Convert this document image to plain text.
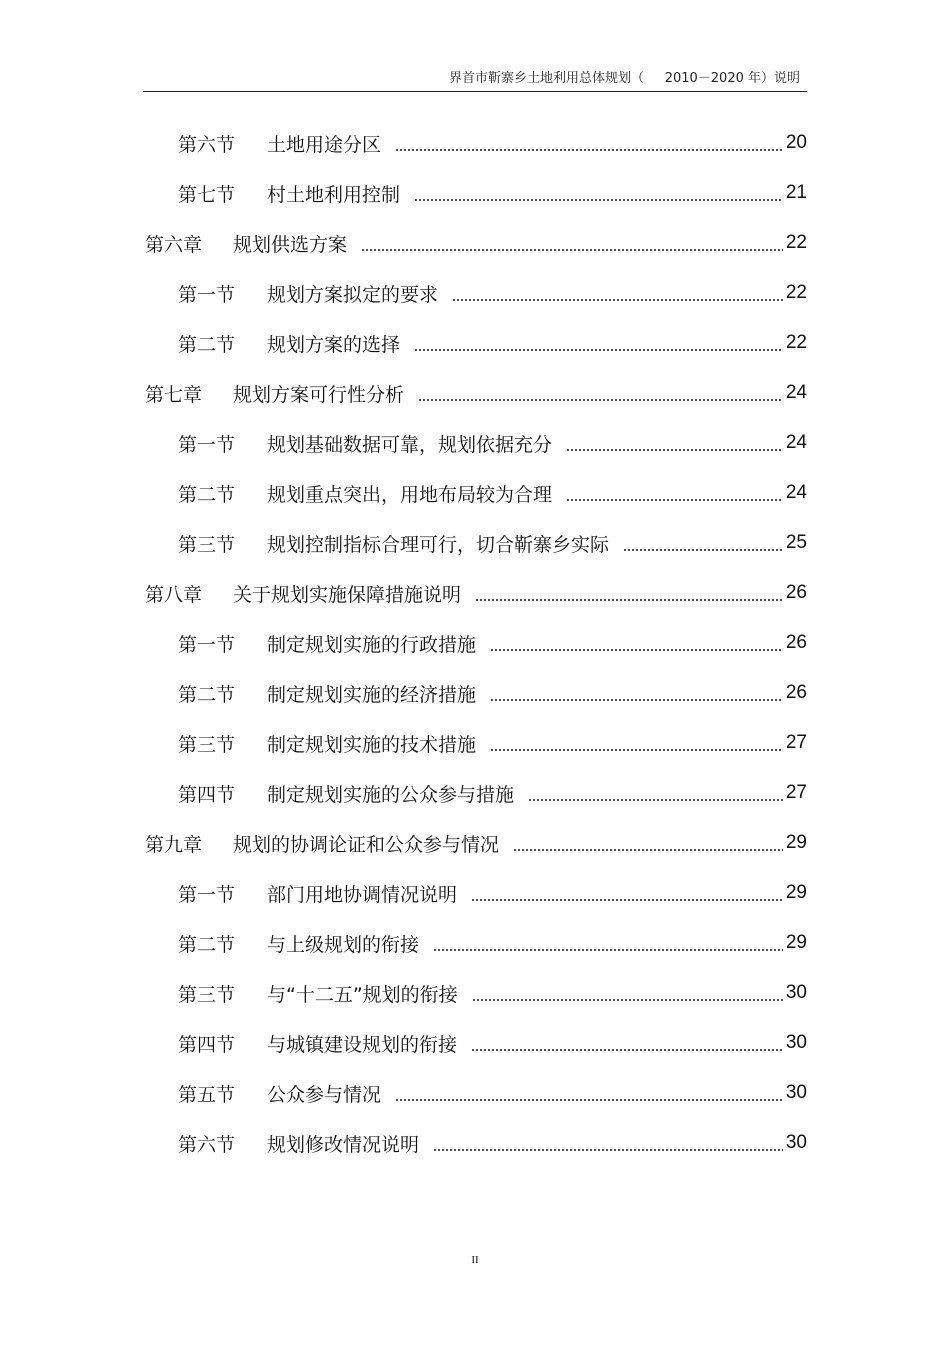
界首市靳寨乡土地利用总体规划（     2010－2020 年）说明
第六节	土地用途分区	20
第七节	村土地利用控制	21
第六章	规划供选方案	22
第一节	规划方案拟定的要求	22
第二节	规划方案的选择	22
第七章	规划方案可行性分析	24
第一节	规划基础数据可靠，规划依据充分	24
第二节	规划重点突出，用地布局较为合理	24
第三节	规划控制指标合理可行，切合靳寨乡实际	25
第八章	关于规划实施保障措施说明	26
第一节	制定规划实施的行政措施	26
第二节	制定规划实施的经济措施	26
第三节	制定规划实施的技术措施	27
第四节	制定规划实施的公众参与措施	27
第九章	规划的协调论证和公众参与情况	29
第一节	部门用地协调情况说明	29
第二节	与上级规划的衔接	29
第三节	与“十二五”规划的衔接	30
第四节	与城镇建设规划的衔接	30
第五节	公众参与情况	30
第六节	规划修改情况说明	30
II
